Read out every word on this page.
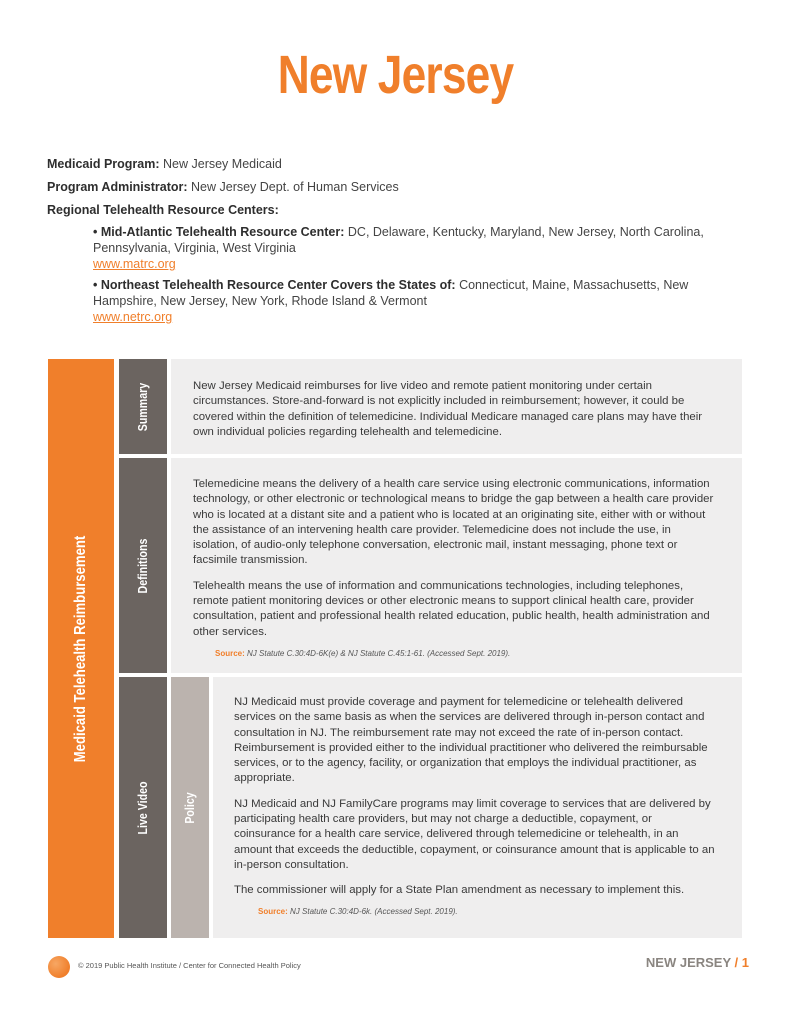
New Jersey
Medicaid Program: New Jersey Medicaid
Program Administrator: New Jersey Dept. of Human Services
Regional Telehealth Resource Centers:
• Mid-Atlantic Telehealth Resource Center: DC, Delaware, Kentucky, Maryland, New Jersey, North Carolina, Pennsylvania, Virginia, West Virginia
www.matrc.org
• Northeast Telehealth Resource Center Covers the States of: Connecticut, Maine, Massachusetts, New Hampshire, New Jersey, New York, Rhode Island & Vermont
www.netrc.org
Medicaid Telehealth Reimbursement
Summary	New Jersey Medicaid reimburses for live video and remote patient monitoring under certain circumstances. Store-and-forward is not explicitly included in reimbursement; however, it could be covered within the definition of telemedicine. Individual Medicare managed care plans may have their own individual policies regarding telehealth and telemedicine.

Definitions

Telemedicine means the delivery of a health care service using electronic communications, information technology, or other electronic or technological means to bridge the gap between a health care provider who is located at a distant site and a patient who is located at an originating site, either with or without the assistance of an intervening health care provider. Telemedicine does not include the use, in isolation, of audio-only telephone conversation, electronic mail, instant messaging, phone text or facsimile transmission.

Telehealth means the use of information and communications technologies, including telephones, remote patient monitoring devices or other electronic means to support clinical health care, provider consultation, patient and professional health related education, public health, health administration and other services.

Source: NJ Statute C.30:4D-6K(e) & NJ Statute C.45:1-61. (Accessed Sept. 2019).
Live Video	Policy

NJ Medicaid must provide coverage and payment for telemedicine or telehealth delivered services on the same basis as when the services are delivered through in-person contact and consultation in NJ. The reimbursement rate may not exceed the rate of in-person contact. Reimbursement is provided either to the individual practitioner who delivered the reimbursable services, or to the agency, facility, or organization that employs the individual practitioner, as appropriate.

NJ Medicaid and NJ FamilyCare programs may limit coverage to services that are delivered by participating health care providers, but may not charge a deductible, copayment, or coinsurance for a health care service, delivered through telemedicine or telehealth, in an amount that exceeds the deductible, copayment, or coinsurance amount that is applicable to an in-person consultation.

The commissioner will apply for a State Plan amendment as necessary to implement this.

Source: NJ Statute C.30:4D-6k. (Accessed Sept. 2019).
© 2019 Public Health Institute / Center for Connected Health Policy	NEW JERSEY / 1
